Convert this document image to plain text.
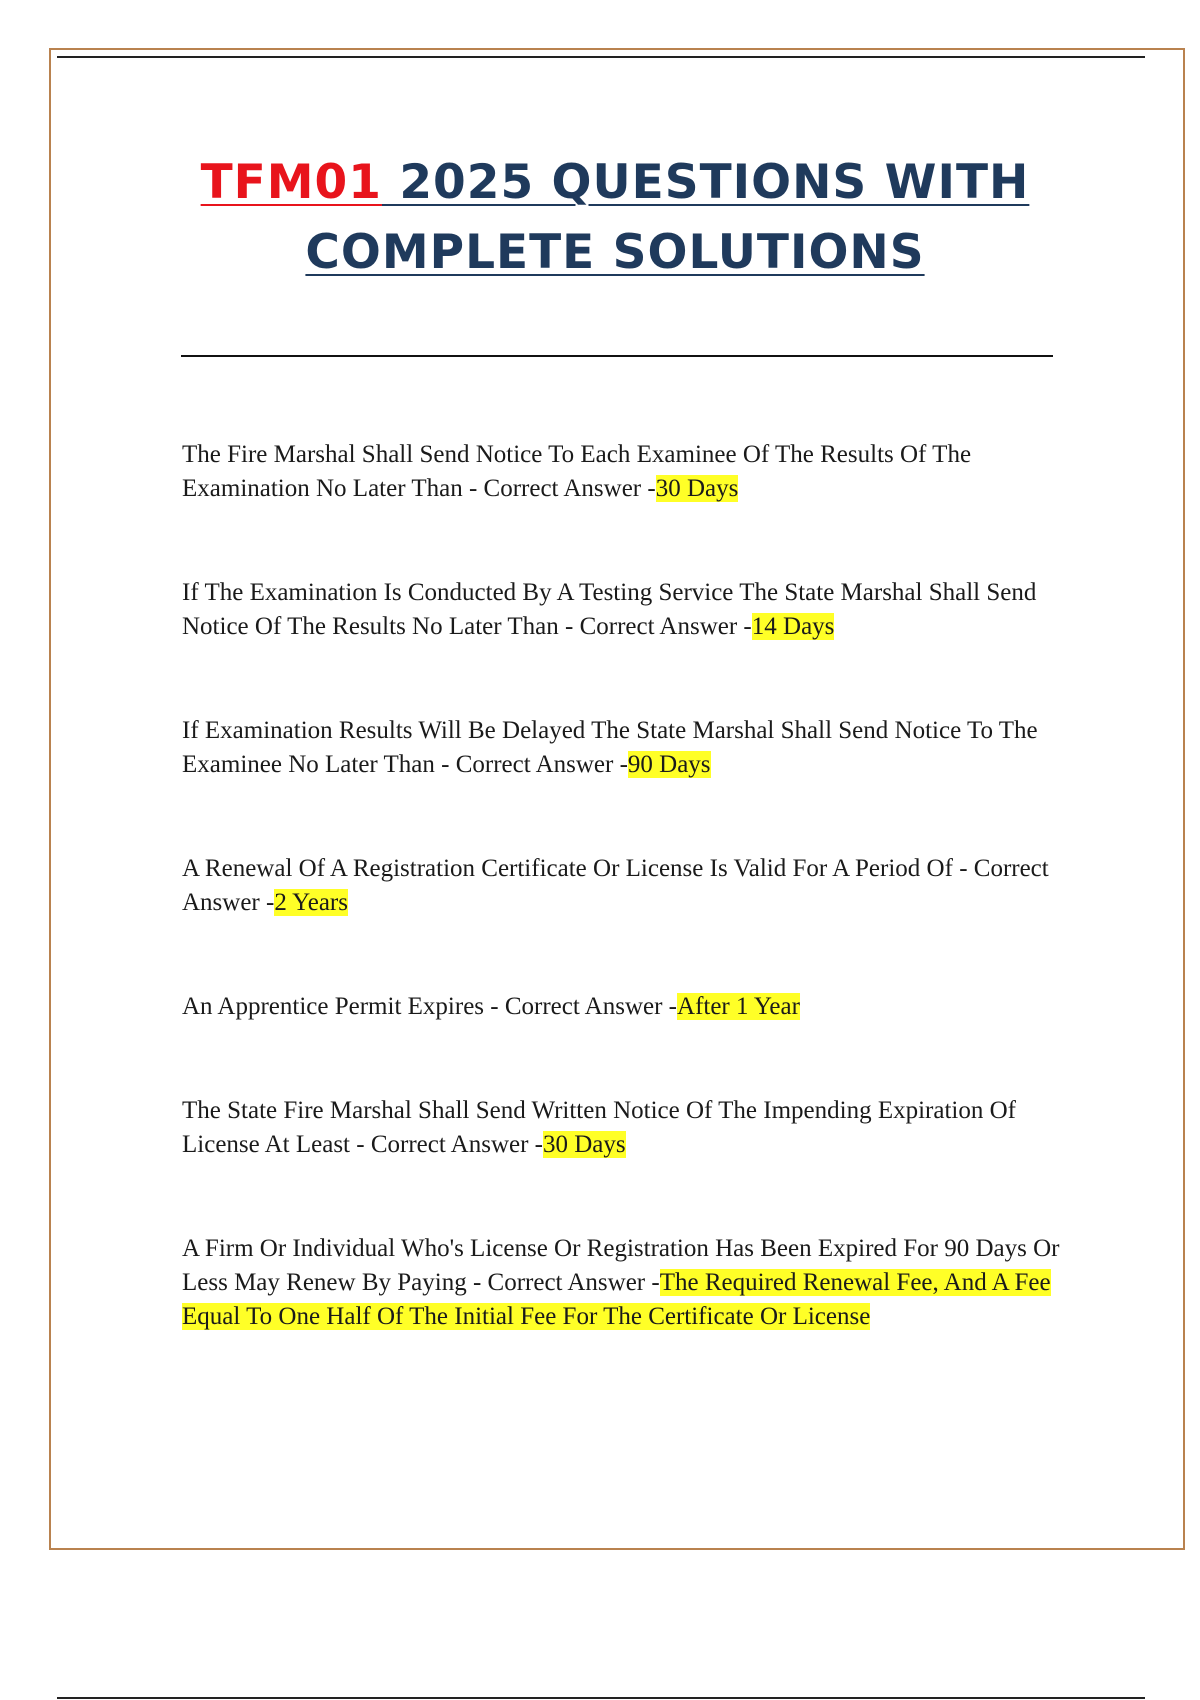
TFM01 2025 QUESTIONS WITH
COMPLETE SOLUTIONS
The Fire Marshal Shall Send Notice To Each Examinee Of The Results Of The Examination No Later Than - Correct Answer -30 Days
If The Examination Is Conducted By A Testing Service The State Marshal Shall Send Notice Of The Results No Later Than - Correct Answer -14 Days
If Examination Results Will Be Delayed The State Marshal Shall Send Notice To The Examinee No Later Than - Correct Answer -90 Days
A Renewal Of A Registration Certificate Or License Is Valid For A Period Of - Correct Answer -2 Years
An Apprentice Permit Expires - Correct Answer -After 1 Year
The State Fire Marshal Shall Send Written Notice Of The Impending Expiration Of License At Least - Correct Answer -30 Days
A Firm Or Individual Who's License Or Registration Has Been Expired For 90 Days Or Less May Renew By Paying - Correct Answer -The Required Renewal Fee, And A Fee Equal To One Half Of The Initial Fee For The Certificate Or License
